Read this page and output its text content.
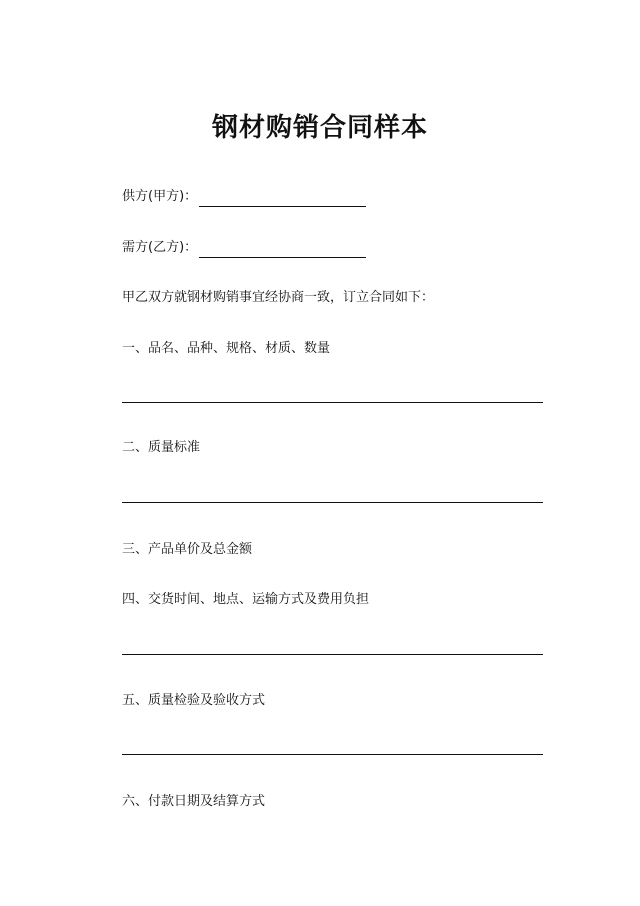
钢材购销合同样本
供方(甲方)：
需方(乙方)：
甲乙双方就钢材购销事宜经协商一致，订立合同如下：
一、品名、品种、规格、材质、数量
二、质量标准
三、产品单价及总金额
四、交货时间、地点、运输方式及费用负担
五、质量检验及验收方式
六、付款日期及结算方式
